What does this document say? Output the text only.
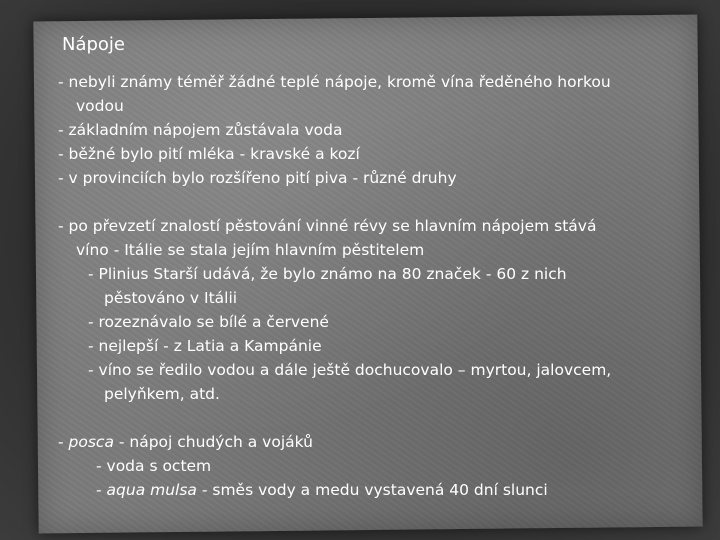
Nápoje
- nebyli známy téměř žádné teplé nápoje, kromě vína ředěného horkou
vodou
- základním nápojem zůstávala voda
- běžné bylo pití mléka - kravské a kozí
- v provinciích bylo rozšířeno pití piva - různé druhy
- po převzetí znalostí pěstování vinné révy se hlavním nápojem stává
víno - Itálie se stala jejím hlavním pěstitelem
- Plinius Starší udává, že bylo známo na 80 značek - 60 z nich
pěstováno v Itálii
- rozeznávalo se bílé a červené
- nejlepší - z Latia a Kampánie
- víno se ředilo vodou a dále ještě dochucovalo – myrtou, jalovcem,
pelyňkem, atd.
- posca - nápoj chudých a vojáků
- voda s octem
- aqua mulsa - směs vody a medu vystavená 40 dní slunci
